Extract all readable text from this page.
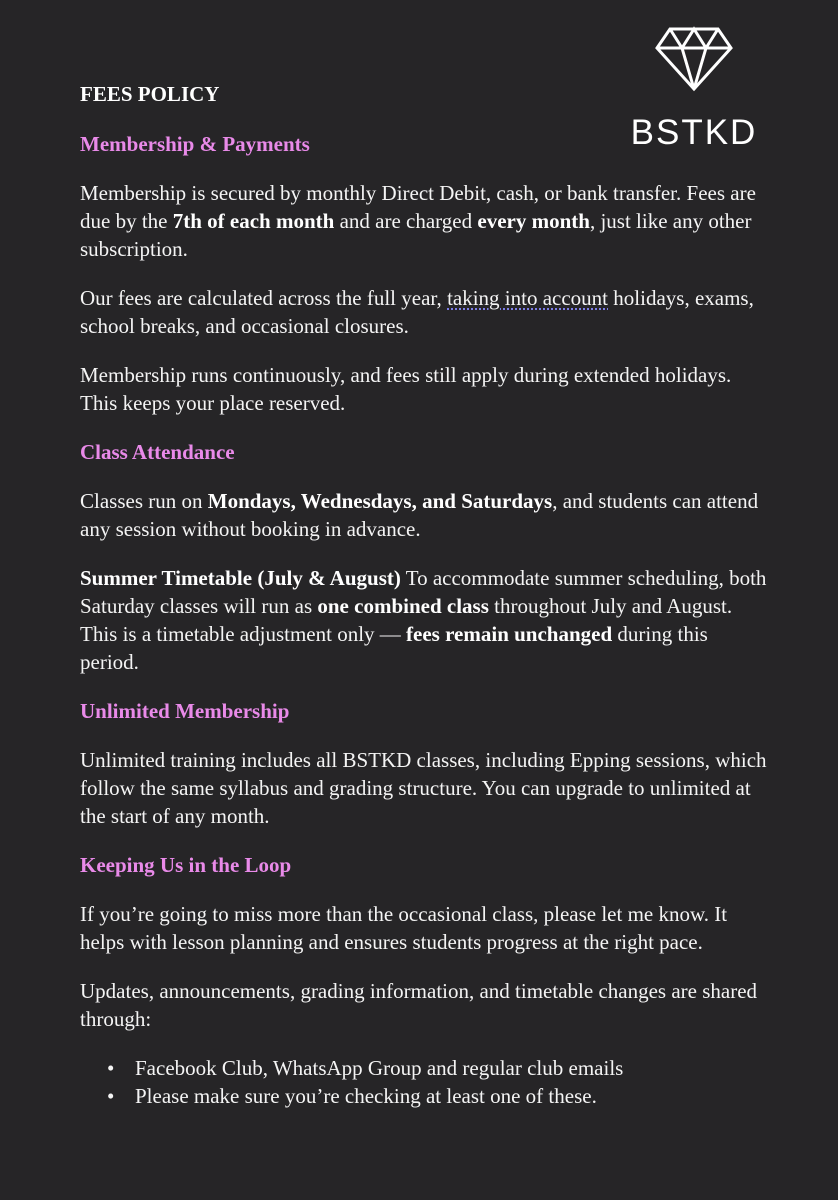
BSTKD
FEES POLICY
Membership & Payments

Membership is secured by monthly Direct Debit, cash, or bank transfer. Fees are due by the 7th of each month and are charged every month, just like any other subscription.

Our fees are calculated across the full year, taking into account holidays, exams, school breaks, and occasional closures.

Membership runs continuously, and fees still apply during extended holidays. This keeps your place reserved.

Class Attendance

Classes run on Mondays, Wednesdays, and Saturdays, and students can attend any session without booking in advance.

Summer Timetable (July & August) To accommodate summer scheduling, both Saturday classes will run as one combined class throughout July and August. This is a timetable adjustment only — fees remain unchanged during this period.

Unlimited Membership

Unlimited training includes all BSTKD classes, including Epping sessions, which follow the same syllabus and grading structure. You can upgrade to unlimited at the start of any month.

Keeping Us in the Loop

If you’re going to miss more than the occasional class, please let me know. It helps with lesson planning and ensures students progress at the right pace.

Updates, announcements, grading information, and timetable changes are shared through:

• Facebook Club, WhatsApp Group and regular club emails
• Please make sure you’re checking at least one of these.
